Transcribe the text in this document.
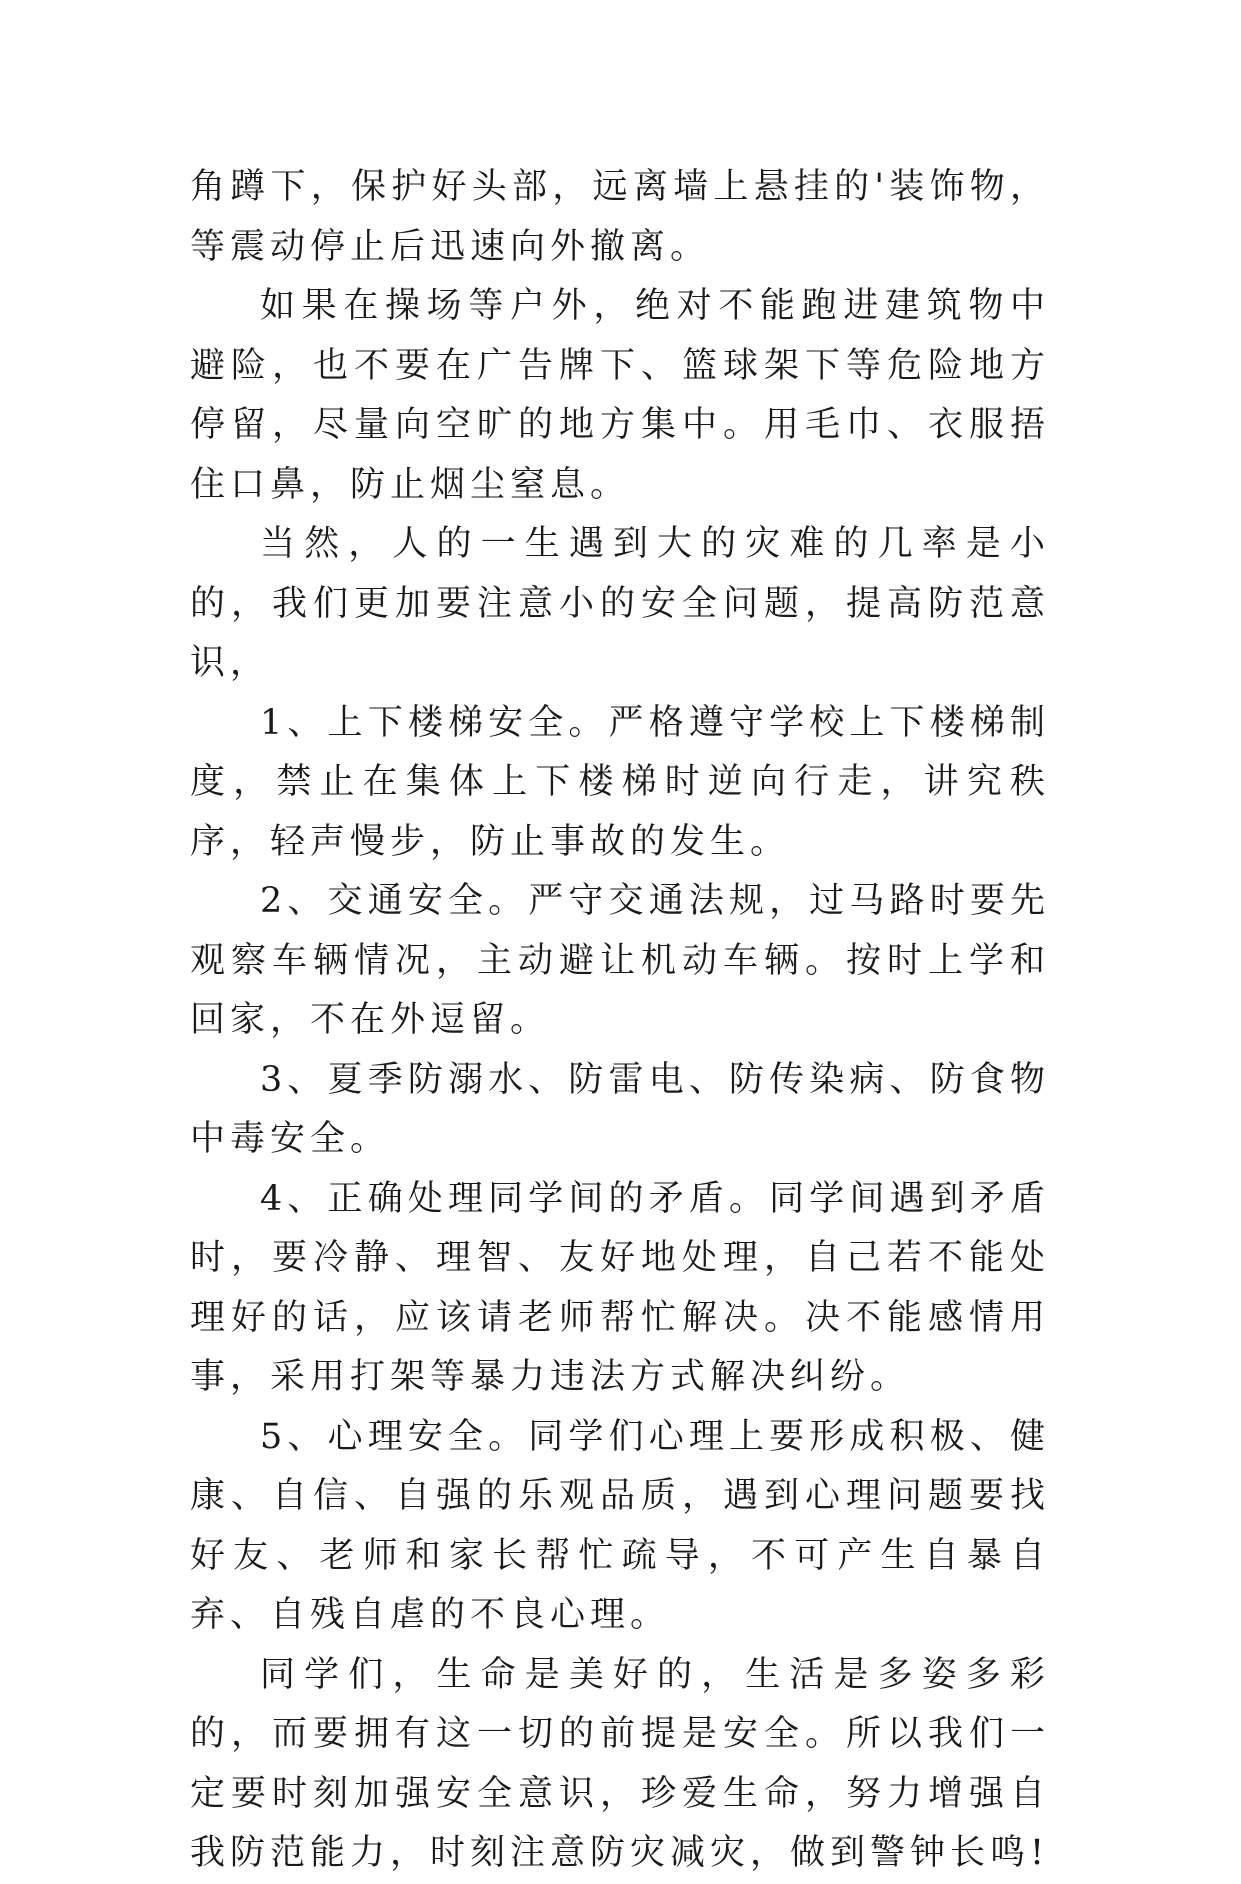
角蹲下，保护好头部，远离墙上悬挂的'装饰物，等震动停止后迅速向外撤离。

如果在操场等户外，绝对不能跑进建筑物中避险，也不要在广告牌下、篮球架下等危险地方停留，尽量向空旷的地方集中。用毛巾、衣服捂住口鼻，防止烟尘窒息。

当然，人的一生遇到大的灾难的几率是小的，我们更加要注意小的安全问题，提高防范意识，

1、上下楼梯安全。严格遵守学校上下楼梯制度，禁止在集体上下楼梯时逆向行走，讲究秩序，轻声慢步，防止事故的发生。

2、交通安全。严守交通法规，过马路时要先观察车辆情况，主动避让机动车辆。按时上学和回家，不在外逗留。

3、夏季防溺水、防雷电、防传染病、防食物中毒安全。

4、正确处理同学间的矛盾。同学间遇到矛盾时，要冷静、理智、友好地处理，自己若不能处理好的话，应该请老师帮忙解决。决不能感情用事，采用打架等暴力违法方式解决纠纷。

5、心理安全。同学们心理上要形成积极、健康、自信、自强的乐观品质，遇到心理问题要找好友、老师和家长帮忙疏导，不可产生自暴自弃、自残自虐的不良心理。

同学们，生命是美好的，生活是多姿多彩的，而要拥有这一切的前提是安全。所以我们一定要时刻加强安全意识，珍爱生命，努力增强自我防范能力，时刻注意防灾减灾，做到警钟长鸣!
